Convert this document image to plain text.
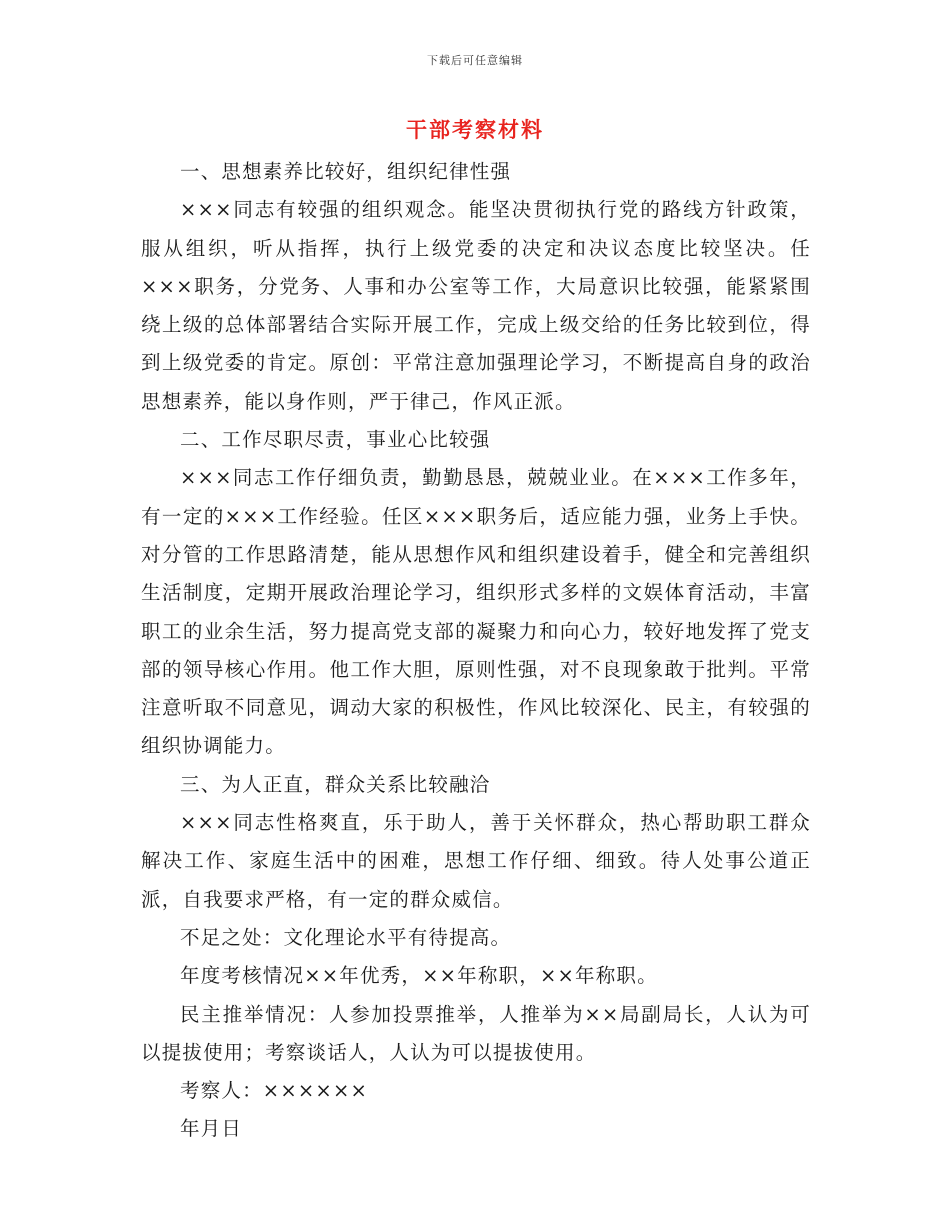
下载后可任意编辑
干部考察材料

一、思想素养比较好，组织纪律性强

×××同志有较强的组织观念。能坚决贯彻执行党的路线方针政策，服从组织，听从指挥，执行上级党委的决定和决议态度比较坚决。任×××职务，分党务、人事和办公室等工作，大局意识比较强，能紧紧围绕上级的总体部署结合实际开展工作，完成上级交给的任务比较到位，得到上级党委的肯定。原创：平常注意加强理论学习，不断提高自身的政治思想素养，能以身作则，严于律己，作风正派。

二、工作尽职尽责，事业心比较强

×××同志工作仔细负责，勤勤恳恳，兢兢业业。在×××工作多年，有一定的×××工作经验。任区×××职务后，适应能力强，业务上手快。对分管的工作思路清楚，能从思想作风和组织建设着手，健全和完善组织生活制度，定期开展政治理论学习，组织形式多样的文娱体育活动，丰富职工的业余生活，努力提高党支部的凝聚力和向心力，较好地发挥了党支部的领导核心作用。他工作大胆，原则性强，对不良现象敢于批判。平常注意听取不同意见，调动大家的积极性，作风比较深化、民主，有较强的组织协调能力。

三、为人正直，群众关系比较融洽

×××同志性格爽直，乐于助人，善于关怀群众，热心帮助职工群众解决工作、家庭生活中的困难，思想工作仔细、细致。待人处事公道正派，自我要求严格，有一定的群众威信。

不足之处：文化理论水平有待提高。

年度考核情况××年优秀，××年称职，××年称职。

民主推举情况：人参加投票推举，人推举为××局副局长，人认为可以提拔使用；考察谈话人，人认为可以提拔使用。

考察人：××××××

年月日
